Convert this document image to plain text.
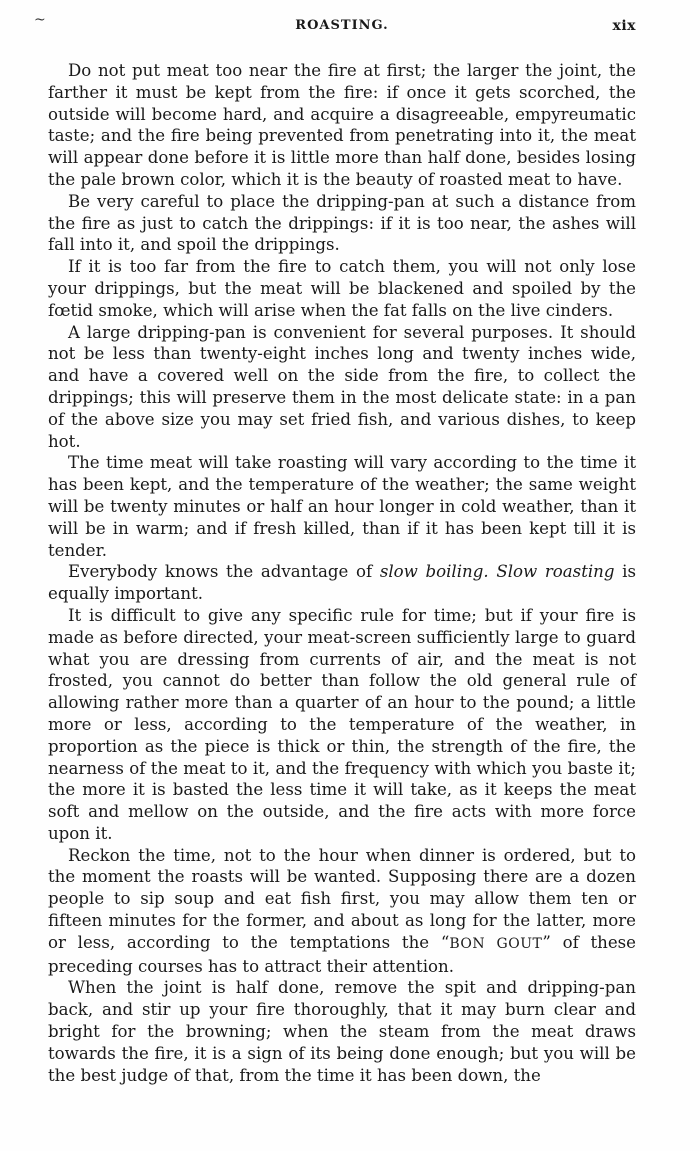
~	ROASTING.	xix

Do not put meat too near the fire at first; the larger the joint, the farther it must be kept from the fire: if once it gets scorched, the outside will become hard, and acquire a disagreeable, empyreumatic taste; and the fire being prevented from penetrating into it, the meat will appear done before it is little more than half done, besides losing the pale brown color, which it is the beauty of roasted meat to have.

Be very careful to place the dripping-pan at such a distance from the fire as just to catch the drippings: if it is too near, the ashes will fall into it, and spoil the drippings.

If it is too far from the fire to catch them, you will not only lose your drippings, but the meat will be blackened and spoiled by the fœtid smoke, which will arise when the fat falls on the live cinders.

A large dripping-pan is convenient for several purposes. It should not be less than twenty-eight inches long and twenty inches wide, and have a covered well on the side from the fire, to collect the drippings; this will preserve them in the most delicate state: in a pan of the above size you may set fried fish, and various dishes, to keep hot.

The time meat will take roasting will vary according to the time it has been kept, and the temperature of the weather; the same weight will be twenty minutes or half an hour longer in cold weather, than it will be in warm; and if fresh killed, than if it has been kept till it is tender.

Everybody knows the advantage of slow boiling. Slow roasting is equally important.

It is difficult to give any specific rule for time; but if your fire is made as before directed, your meat-screen sufficiently large to guard what you are dressing from currents of air, and the meat is not frosted, you cannot do better than follow the old general rule of allowing rather more than a quarter of an hour to the pound; a little more or less, according to the temperature of the weather, in proportion as the piece is thick or thin, the strength of the fire, the nearness of the meat to it, and the frequency with which you baste it; the more it is basted the less time it will take, as it keeps the meat soft and mellow on the outside, and the fire acts with more force upon it.

Reckon the time, not to the hour when dinner is ordered, but to the moment the roasts will be wanted. Supposing there are a dozen people to sip soup and eat fish first, you may allow them ten or fifteen minutes for the former, and about as long for the latter, more or less, according to the temptations the “BON GOUT” of these preceding courses has to attract their attention.

When the joint is half done, remove the spit and dripping-pan back, and stir up your fire thoroughly, that it may burn clear and bright for the browning; when the steam from the meat draws towards the fire, it is a sign of its being done enough; but you will be the best judge of that, from the time it has been down, the
